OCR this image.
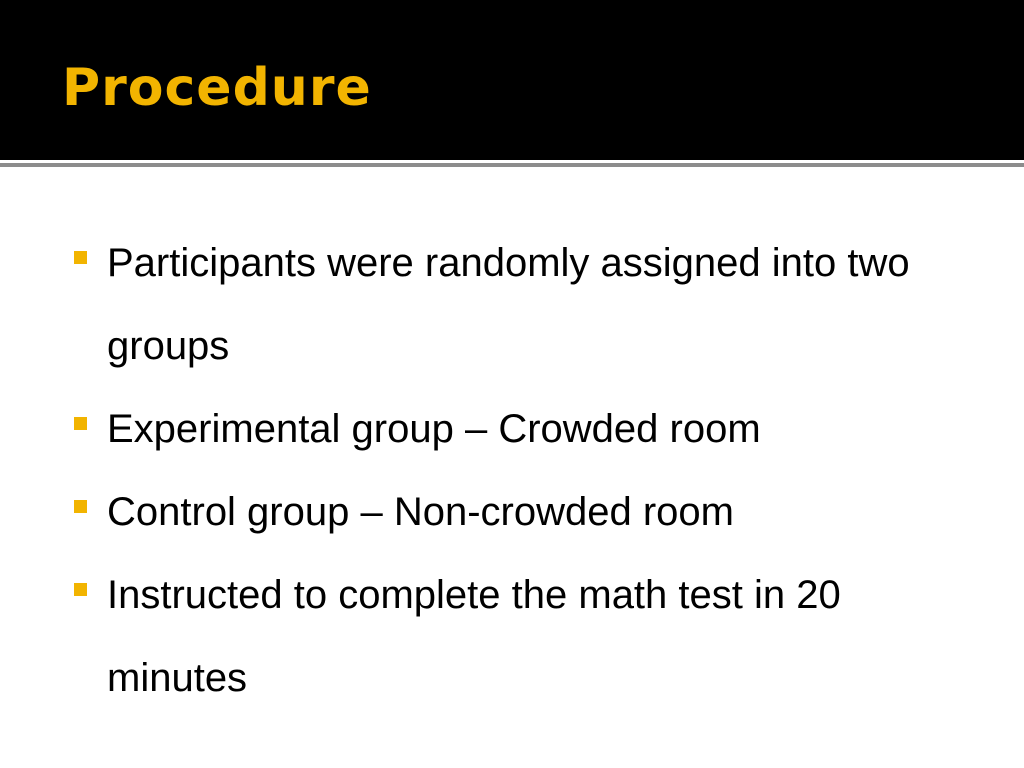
Procedure
Participants were randomly assigned into two groups
Experimental group – Crowded room
Control group – Non-crowded room
Instructed to complete the math test in 20 minutes
